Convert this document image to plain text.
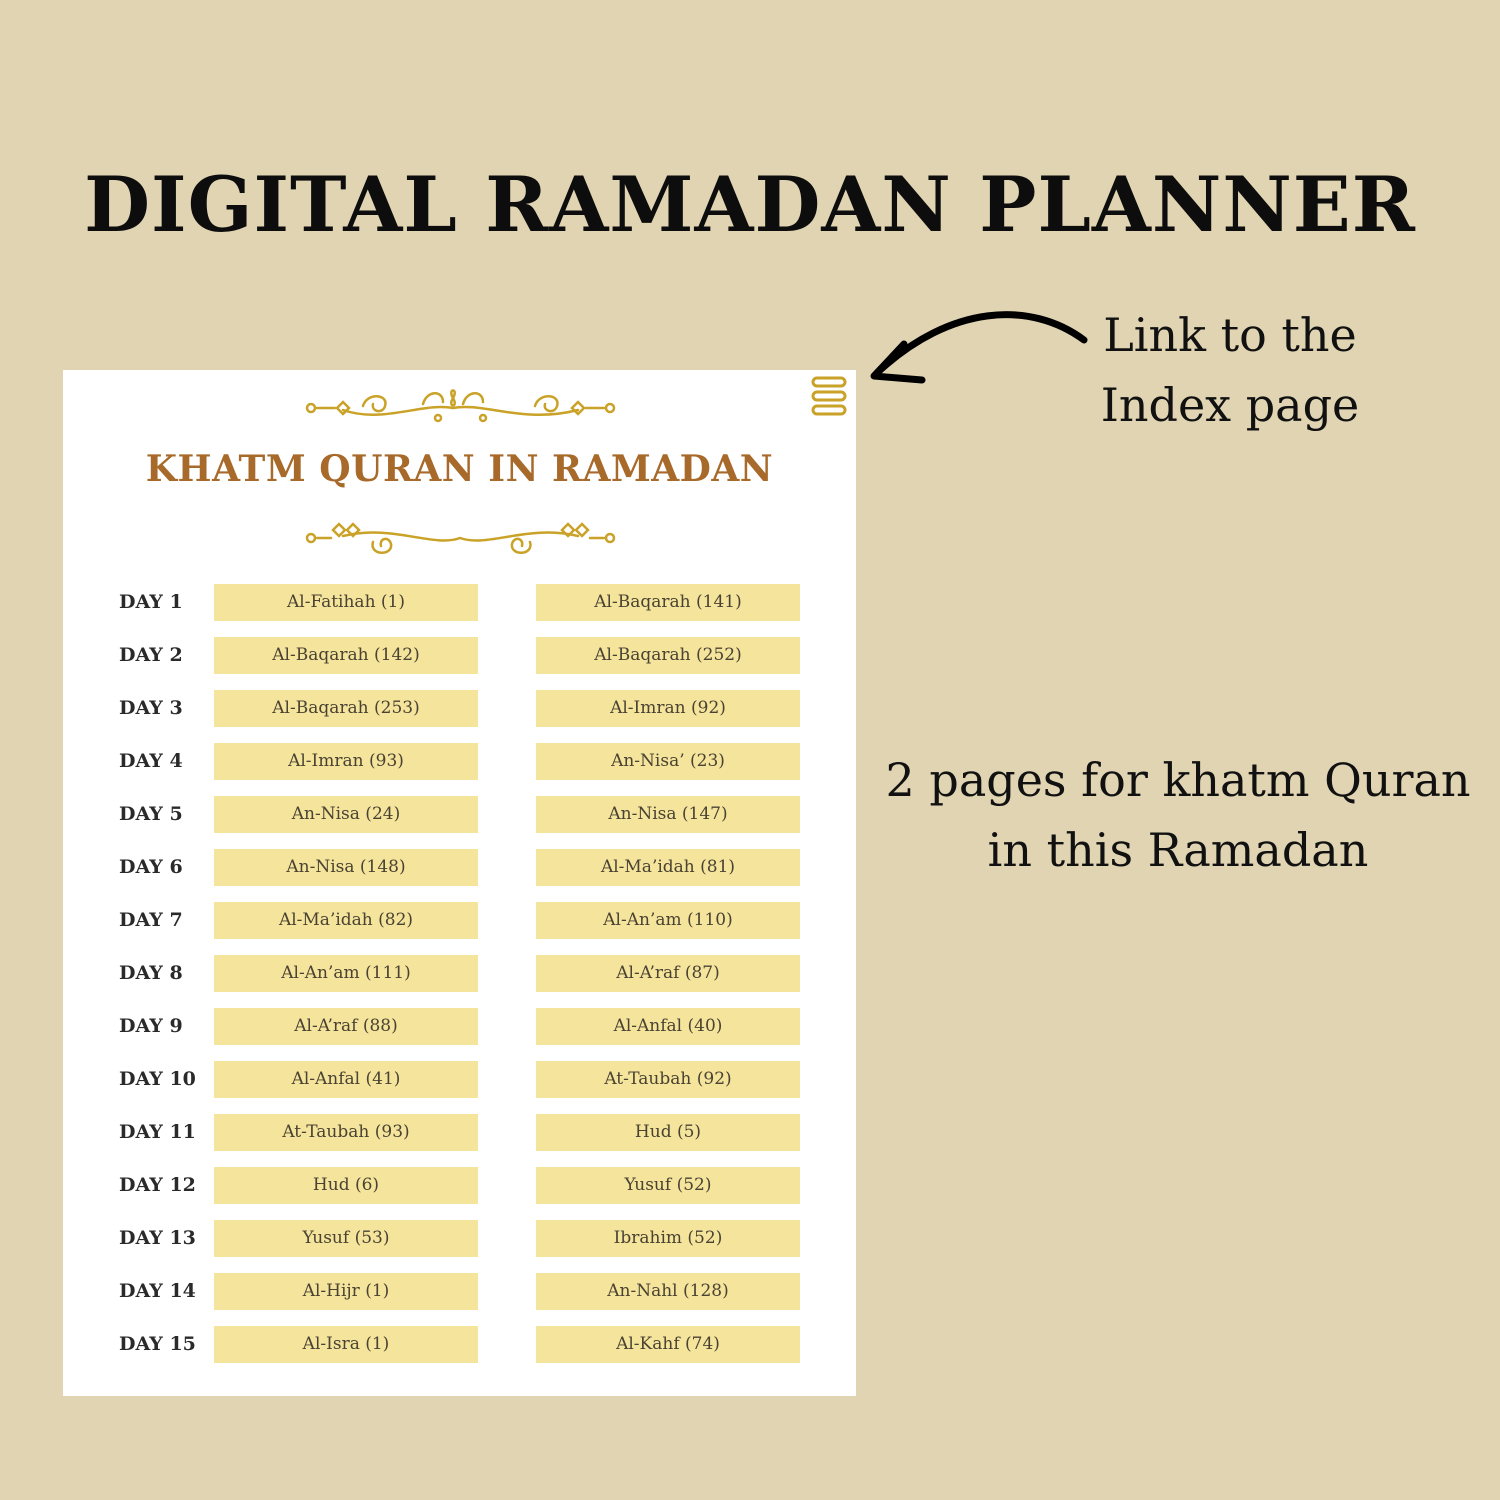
DIGITAL RAMADAN PLANNER
Link to the Index page
2 pages for khatm Quran in this Ramadan
KHATM QURAN IN RAMADAN
DAY 1	Al-Fatihah (1)	Al-Baqarah (141)
DAY 2	Al-Baqarah (142)	Al-Baqarah (252)
DAY 3	Al-Baqarah (253)	Al-Imran (92)
DAY 4	Al-Imran (93)	An-Nisa’ (23)
DAY 5	An-Nisa (24)	An-Nisa (147)
DAY 6	An-Nisa (148)	Al-Ma’idah (81)
DAY 7	Al-Ma’idah (82)	Al-An’am (110)
DAY 8	Al-An’am (111)	Al-A’raf (87)
DAY 9	Al-A’raf (88)	Al-Anfal (40)
DAY 10	Al-Anfal (41)	At-Taubah (92)
DAY 11	At-Taubah (93)	Hud (5)
DAY 12	Hud (6)	Yusuf (52)
DAY 13	Yusuf (53)	Ibrahim (52)
DAY 14	Al-Hijr (1)	An-Nahl (128)
DAY 15	Al-Isra (1)	Al-Kahf (74)
